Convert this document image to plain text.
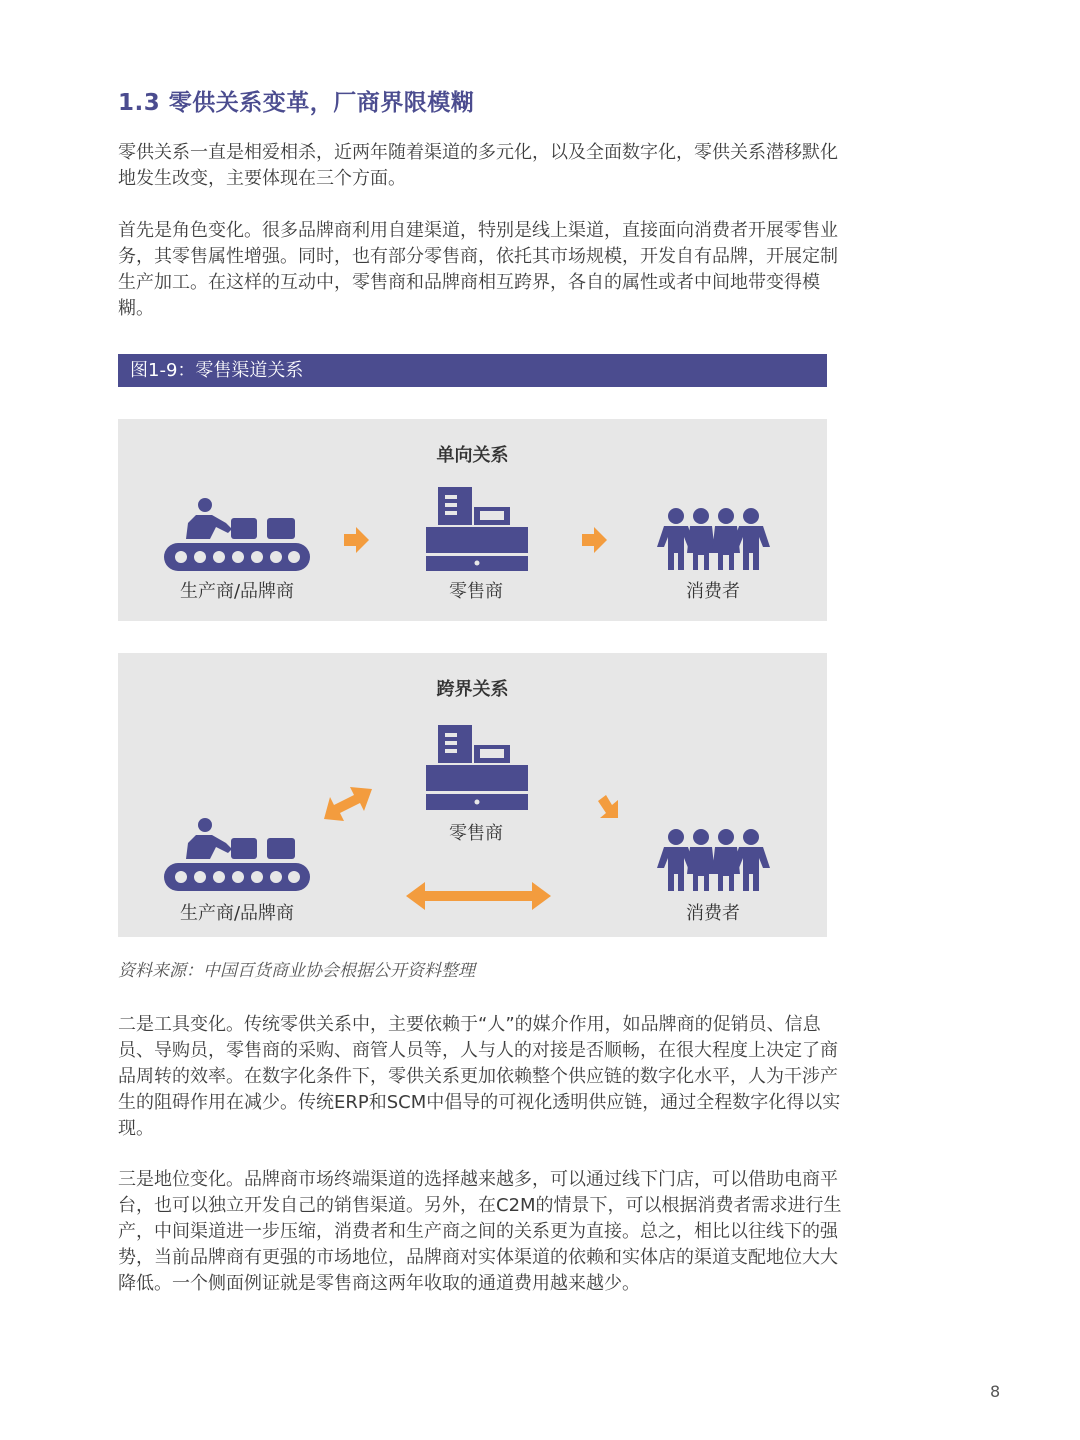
1.3 零供关系变革，厂商界限模糊

零供关系一直是相爱相杀，近两年随着渠道的多元化，以及全面数字化，零供关系潜移默化地发生改变，主要体现在三个方面。

首先是角色变化。很多品牌商利用自建渠道，特别是线上渠道，直接面向消费者开展零售业务，其零售属性增强。同时，也有部分零售商，依托其市场规模，开发自有品牌，开展定制生产加工。在这样的互动中，零售商和品牌商相互跨界，各自的属性或者中间地带变得模糊。

图1-9：零售渠道关系
单向关系
生产商/品牌商	零售商	消费者
跨界关系
零售商
生产商/品牌商	消费者
资料来源：中国百货商业协会根据公开资料整理

二是工具变化。传统零供关系中，主要依赖于“人”的媒介作用，如品牌商的促销员、信息员、导购员，零售商的采购、商管人员等，人与人的对接是否顺畅，在很大程度上决定了商品周转的效率。在数字化条件下，零供关系更加依赖整个供应链的数字化水平，人为干涉产生的阻碍作用在减少。传统ERP和SCM中倡导的可视化透明供应链，通过全程数字化得以实现。

三是地位变化。品牌商市场终端渠道的选择越来越多，可以通过线下门店，可以借助电商平台，也可以独立开发自己的销售渠道。另外，在C2M的情景下，可以根据消费者需求进行生产，中间渠道进一步压缩，消费者和生产商之间的关系更为直接。总之，相比以往线下的强势，当前品牌商有更强的市场地位，品牌商对实体渠道的依赖和实体店的渠道支配地位大大降低。一个侧面例证就是零售商这两年收取的通道费用越来越少。

8
